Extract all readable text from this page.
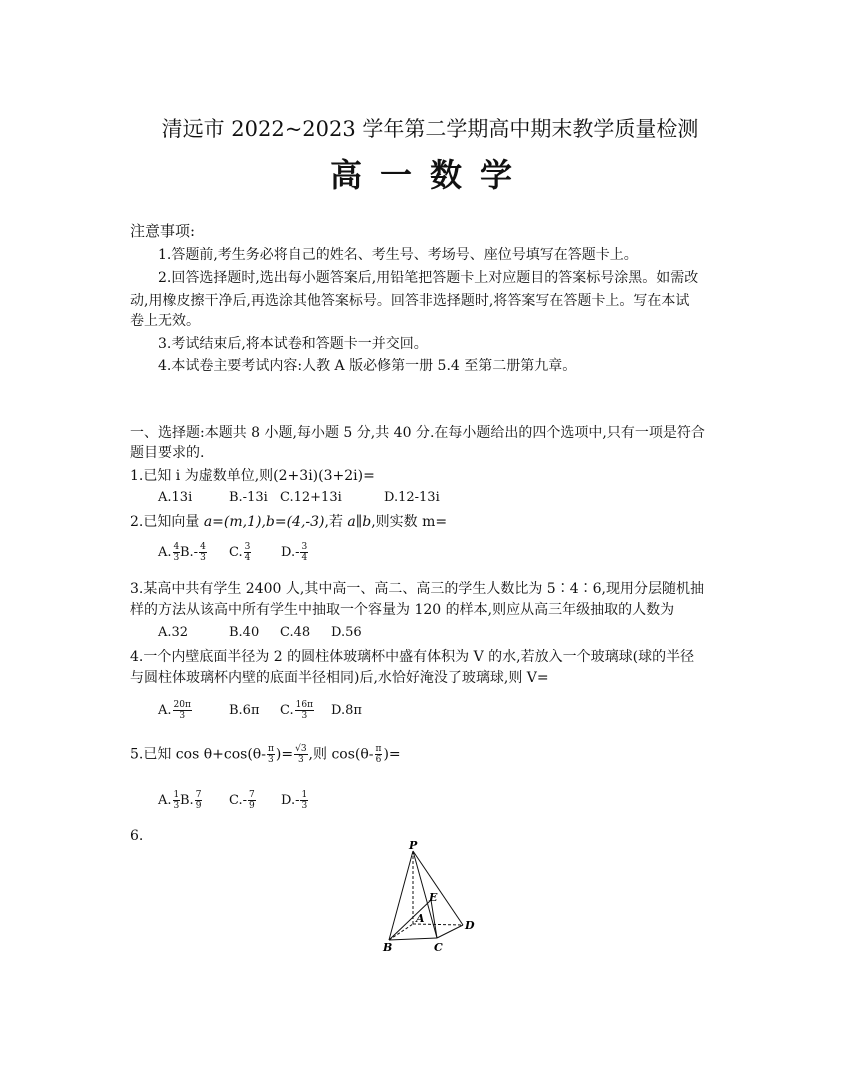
清远市 2022~2023 学年第二学期高中期末教学质量检测
高一数学
注意事项:
1.答题前,考生务必将自己的姓名、考生号、考场号、座位号填写在答题卡上。
2.回答选择题时,选出每小题答案后,用铅笔把答题卡上对应题目的答案标号涂黑。如需改
动,用橡皮擦干净后,再选涂其他答案标号。回答非选择题时,将答案写在答题卡上。写在本试
卷上无效。
3.考试结束后,将本试卷和答题卡一并交回。
4.本试卷主要考试内容:人教 A 版必修第一册 5.4 至第二册第九章。
一、选择题:本题共 8 小题,每小题 5 分,共 40 分.在每小题给出的四个选项中,只有一项是符合
题目要求的.
1.已知 i 为虚数单位,则(2+3i)(3+2i)=
A.13i	B.-13i C.12+13i	D.12-13i
2.已知向量 a=(m,1),b=(4,-3),若 a∥b,则实数 m=
A. $\frac{4}{3} B.- \frac{4}{3} C$. $\frac{3}{4} D.- \frac{3}{4}$
3.某高中共有学生 2400 人,其中高一、高二、高三的学生人数比为 5∶4∶6,现用分层随机抽
样的方法从该高中所有学生中抽取一个容量为 120 的样本,则应从高三年级抽取的人数为
A.32	B.40 C.48 D.56
4.一个内壁底面半径为 2 的圆柱体玻璃杯中盛有体积为 V 的水,若放入一个玻璃球(球的半径
与圆柱体玻璃杯内壁的底面半径相同)后,水恰好淹没了玻璃球,则 V=
A. $\frac{20\pi}{3}$	B.6π C. $\frac{16\pi}{3} D.8\pi$
5.已知 $\cos \theta+\cos(\theta- \frac{\pi}{3}$ )= $\frac{√3}{3}$ ,则 $\cos(\theta- \frac{\pi}{6}$ )=
A. $\frac{1}{3} B$. $\frac{7}{9} C.- \frac{7}{9} D.- \frac{1}{3}$
6.
P
E
A
D
B	C
